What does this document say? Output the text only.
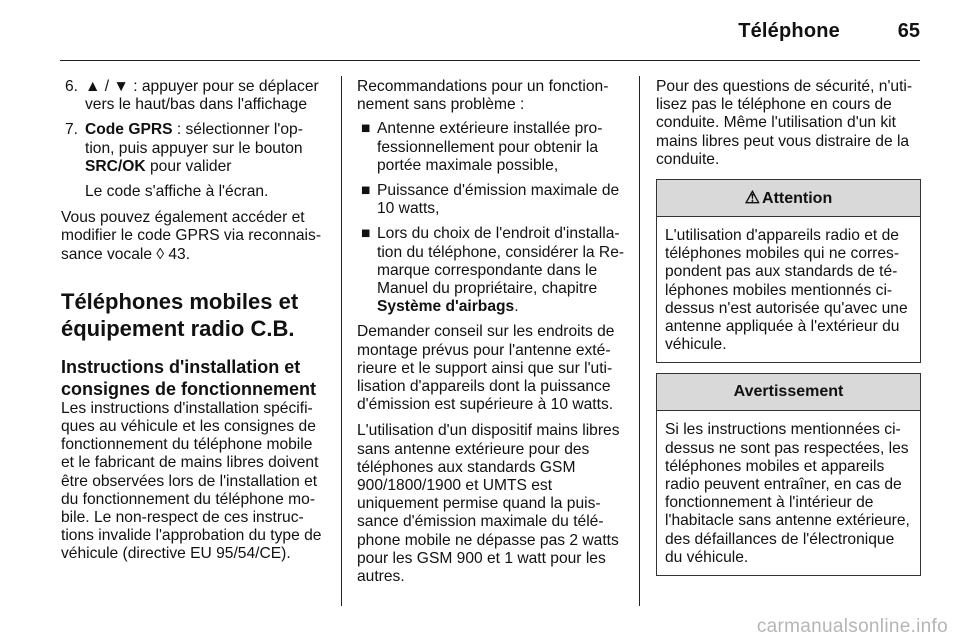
Téléphone	65
6. ▲ / ▼ : appuyer pour se déplacer vers le haut/bas dans l'affichage
7. Code GPRS : sélectionner l'option, puis appuyer sur le bouton SRC/OK pour valider

Le code s'affiche à l'écran.

Vous pouvez également accéder et modifier le code GPRS via reconnaissance vocale ◊ 43.

Téléphones mobiles et équipement radio C.B.
Instructions d'installation et consignes de fonctionnement

Les instructions d'installation spécifiques au véhicule et les consignes de fonctionnement du téléphone mobile et le fabricant de mains libres doivent être observées lors de l'installation et du fonctionnement du téléphone mobile. Le non-respect de ces instructions invalide l'approbation du type de véhicule (directive EU 95/54/CE).

Recommandations pour un fonctionnement sans problème :

■ Antenne extérieure installée professionnellement pour obtenir la portée maximale possible,
■ Puissance d'émission maximale de 10 watts,
■ Lors du choix de l'endroit d'installation du téléphone, considérer la Remarque correspondante dans le Manuel du propriétaire, chapitre Système d'airbags.

Demander conseil sur les endroits de montage prévus pour l'antenne extérieure et le support ainsi que sur l'utilisation d'appareils dont la puissance d'émission est supérieure à 10 watts.

L'utilisation d'un dispositif mains libres sans antenne extérieure pour des téléphones aux standards GSM 900/1800/1900 et UMTS est uniquement permise quand la puissance d'émission maximale du téléphone mobile ne dépasse pas 2 watts pour les GSM 900 et 1 watt pour les autres.

Pour des questions de sécurité, n'utilisez pas le téléphone en cours de conduite. Même l'utilisation d'un kit mains libres peut vous distraire de la conduite.

⚠ Attention
L'utilisation d'appareils radio et de téléphones mobiles qui ne correspondent pas aux standards de téléphones mobiles mentionnés ci-dessus n'est autorisée qu'avec une antenne appliquée à l'extérieur du véhicule.
Avertissement
Si les instructions mentionnées ci-dessus ne sont pas respectées, les téléphones mobiles et appareils radio peuvent entraîner, en cas de fonctionnement à l'intérieur de l'habitacle sans antenne extérieure, des défaillances de l'électronique du véhicule.
carmanualsonline.info
